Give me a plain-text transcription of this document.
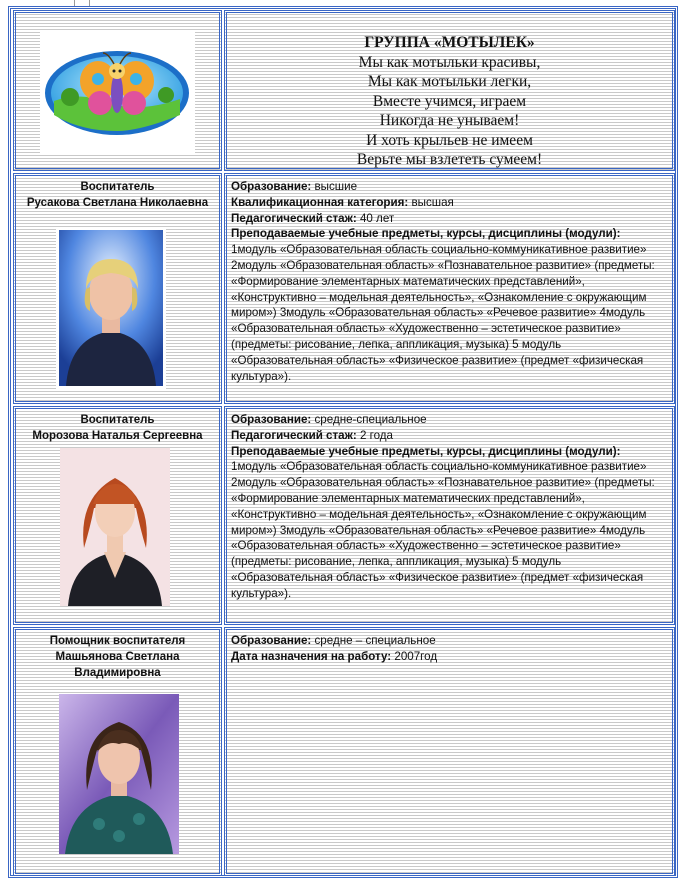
ГРУППА «МОТЫЛЕК»
Мы как мотыльки красивы,
Мы как мотыльки легки,
Вместе учимся, играем
Никогда не унываем!
И хоть крыльев не имеем
Верьте мы взлететь сумеем!
Воспитатель
Русакова Светлана Николаевна
Образование: высшие
Квалификационная категория: высшая
Педагогический стаж: 40 лет
Преподаваемые учебные предметы, курсы, дисциплины (модули):
1модуль «Образовательная область социально-коммуникативное развитие» 2модуль «Образовательная область» «Познавательное развитие» (предметы: «Формирование элементарных математических представлений», «Конструктивно – модельная деятельность», «Ознакомление с окружающим миром») 3модуль «Образовательная область» «Речевое развитие» 4модуль «Образовательная область» «Художественно – эстетическое развитие» (предметы: рисование, лепка, аппликация, музыка) 5 модуль «Образовательная область» «Физическое развитие» (предмет «физическая культура»).
Воспитатель
Морозова Наталья Сергеевна
Образование: средне-специальное
Педагогический стаж: 2 года
Преподаваемые учебные предметы, курсы, дисциплины (модули):
1модуль «Образовательная область социально-коммуникативное развитие» 2модуль «Образовательная область» «Познавательное развитие» (предметы: «Формирование элементарных математических представлений», «Конструктивно – модельная деятельность», «Ознакомление с окружающим миром») 3модуль «Образовательная область» «Речевое развитие» 4модуль «Образовательная область» «Художественно – эстетическое развитие» (предметы: рисование, лепка, аппликация, музыка) 5 модуль «Образовательная область» «Физическое развитие» (предмет «физическая культура»).
Помощник воспитателя
Машьянова Светлана
Владимировна
Образование: средне – специальное
Дата назначения на работу: 2007год
